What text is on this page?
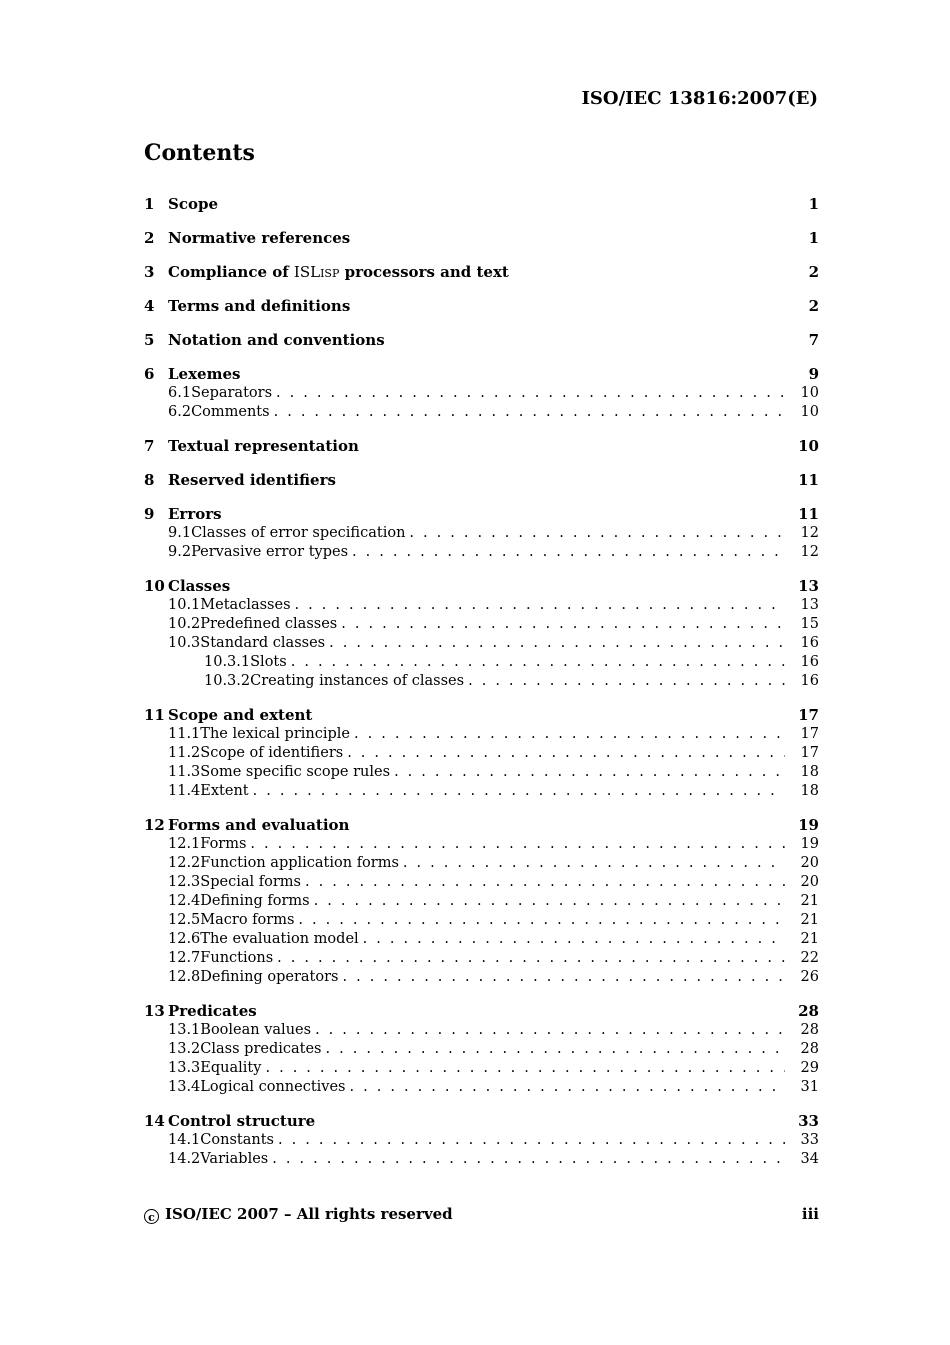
ISO/IEC 13816:2007(E)
Contents
1 Scope	1
2 Normative references	1
3 Compliance of ISLISP processors and text	2
4 Terms and definitions	2
5 Notation and conventions	7
6 Lexemes	9
6.1 Separators . . .	10
6.2 Comments . . .	10
7 Textual representation	10
8 Reserved identifiers	11
9 Errors	11
9.1 Classes of error specification . . .	12
9.2 Pervasive error types . . .	12
10 Classes	13
10.1 Metaclasses . . .	13
10.2 Predefined classes . . .	15
10.3 Standard classes . . .	16
10.3.1 Slots . . .	16
10.3.2 Creating instances of classes . . .	16
11 Scope and extent	17
11.1 The lexical principle . . .	17
11.2 Scope of identifiers . . .	17
11.3 Some specific scope rules . . .	18
11.4 Extent . . .	18
12 Forms and evaluation	19
12.1 Forms . . .	19
12.2 Function application forms . . .	20
12.3 Special forms . . .	20
12.4 Defining forms . . .	21
12.5 Macro forms . . .	21
12.6 The evaluation model . . .	21
12.7 Functions . . .	22
12.8 Defining operators . . .	26
13 Predicates	28
13.1 Boolean values . . .	28
13.2 Class predicates . . .	28
13.3 Equality . . .	29
13.4 Logical connectives . . .	31
14 Control structure	33
14.1 Constants . . .	33
14.2 Variables . . .	34
c ISO/IEC 2007 – All rights reserved	iii
